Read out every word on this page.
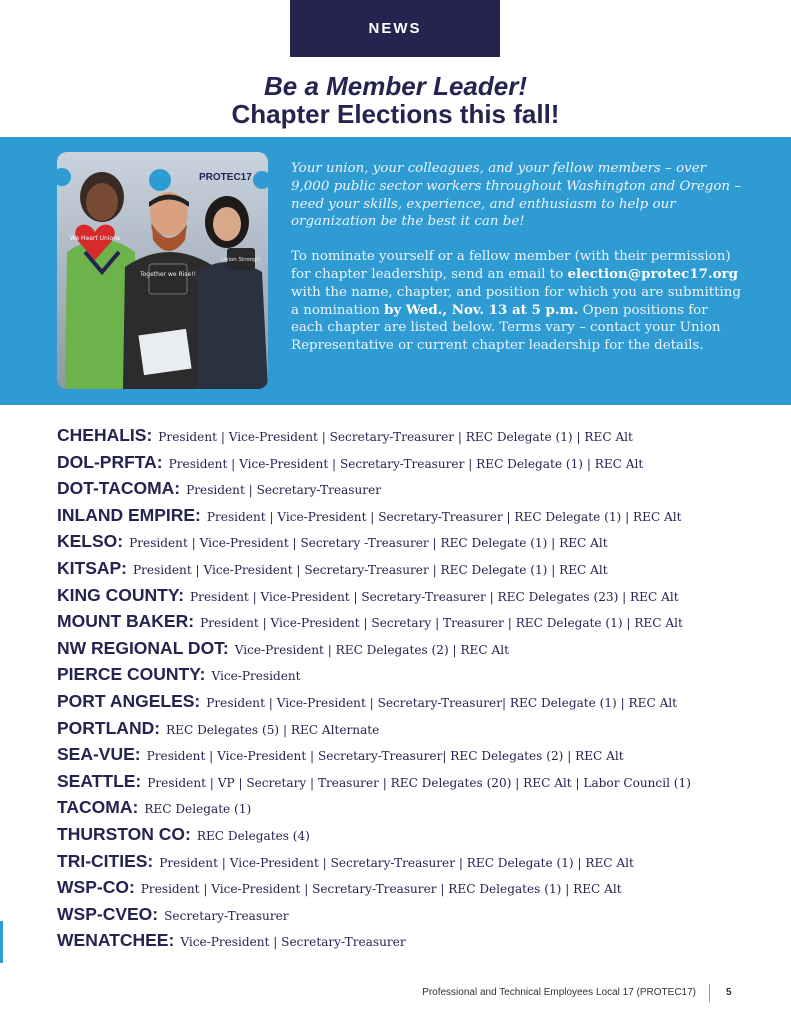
NEWS
Be a Member Leader!
Chapter Elections this fall!
PROTEC17
We Heart Unions
Together we Rise!!
Union Strong!!

Your union, your colleagues, and your fellow members – over 9,000 public sector workers throughout Washington and Oregon – need your skills, experience, and enthusiasm to help our organization be the best it can be!

To nominate yourself or a fellow member (with their permission) for chapter leadership, send an email to election@protec17.org with the name, chapter, and position for which you are submitting a nomination by Wed., Nov. 13 at 5 p.m. Open positions for each chapter are listed below. Terms vary – contact your Union Representative or current chapter leadership for the details.

CHEHALIS: President | Vice-President | Secretary-Treasurer | REC Delegate (1) | REC Alt
DOL-PRFTA: President | Vice-President | Secretary-Treasurer | REC Delegate (1) | REC Alt
DOT-TACOMA: President | Secretary-Treasurer
INLAND EMPIRE: President | Vice-President | Secretary-Treasurer | REC Delegate (1) | REC Alt
KELSO: President | Vice-President | Secretary -Treasurer | REC Delegate (1) | REC Alt
KITSAP: President | Vice-President | Secretary-Treasurer | REC Delegate (1) | REC Alt
KING COUNTY: President | Vice-President | Secretary-Treasurer | REC Delegates (23) | REC Alt
MOUNT BAKER: President | Vice-President | Secretary | Treasurer | REC Delegate (1) | REC Alt
NW REGIONAL DOT: Vice-President | REC Delegates (2) | REC Alt
PIERCE COUNTY: Vice-President
PORT ANGELES: President | Vice-President | Secretary-Treasurer| REC Delegate (1) | REC Alt
PORTLAND: REC Delegates (5) | REC Alternate
SEA-VUE: President | Vice-President | Secretary-Treasurer| REC Delegates (2) | REC Alt
SEATTLE: President | VP | Secretary | Treasurer | REC Delegates (20) | REC Alt | Labor Council (1)
TACOMA: REC Delegate (1)
THURSTON CO: REC Delegates (4)
TRI-CITIES: President | Vice-President | Secretary-Treasurer | REC Delegate (1) | REC Alt
WSP-CO: President | Vice-President | Secretary-Treasurer | REC Delegates (1) | REC Alt
WSP-CVEO: Secretary-Treasurer
WENATCHEE: Vice-President | Secretary-Treasurer
Professional and Technical Employees Local 17 (PROTEC17)	5
